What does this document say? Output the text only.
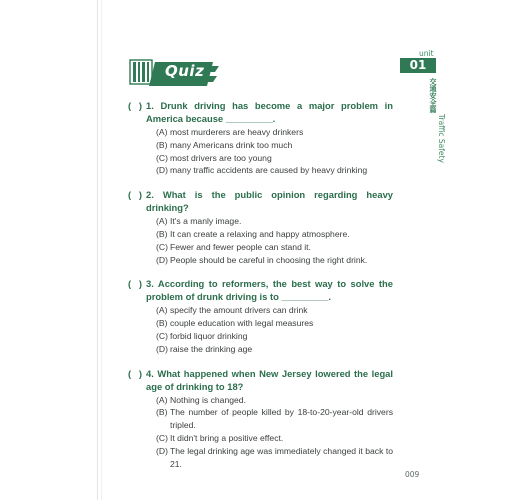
Quiz
unit
01
交通安全篇
Traffic Safety
(   ) 1. Drunk driving has become a major problem in America because _________.
(A) most murderers are heavy drinkers
(B) many Americans drink too much
(C) most drivers are too young
(D) many traffic accidents are caused by heavy drinking
(   ) 2. What is the public opinion regarding heavy drinking?
(A) It's a manly image.
(B) It can create a relaxing and happy atmosphere.
(C) Fewer and fewer people can stand it.
(D) People should be careful in choosing the right drink.
(   ) 3. According to reformers, the best way to solve the problem of drunk driving is to _________.
(A) specify the amount drivers can drink
(B) couple education with legal measures
(C) forbid liquor drinking
(D) raise the drinking age
(   ) 4. What happened when New Jersey lowered the legal age of drinking to 18?
(A) Nothing is changed.
(B) The number of people killed by 18-to-20-year-old drivers tripled.
(C) It didn't bring a positive effect.
(D) The legal drinking age was immediately changed it back to 21.
009
